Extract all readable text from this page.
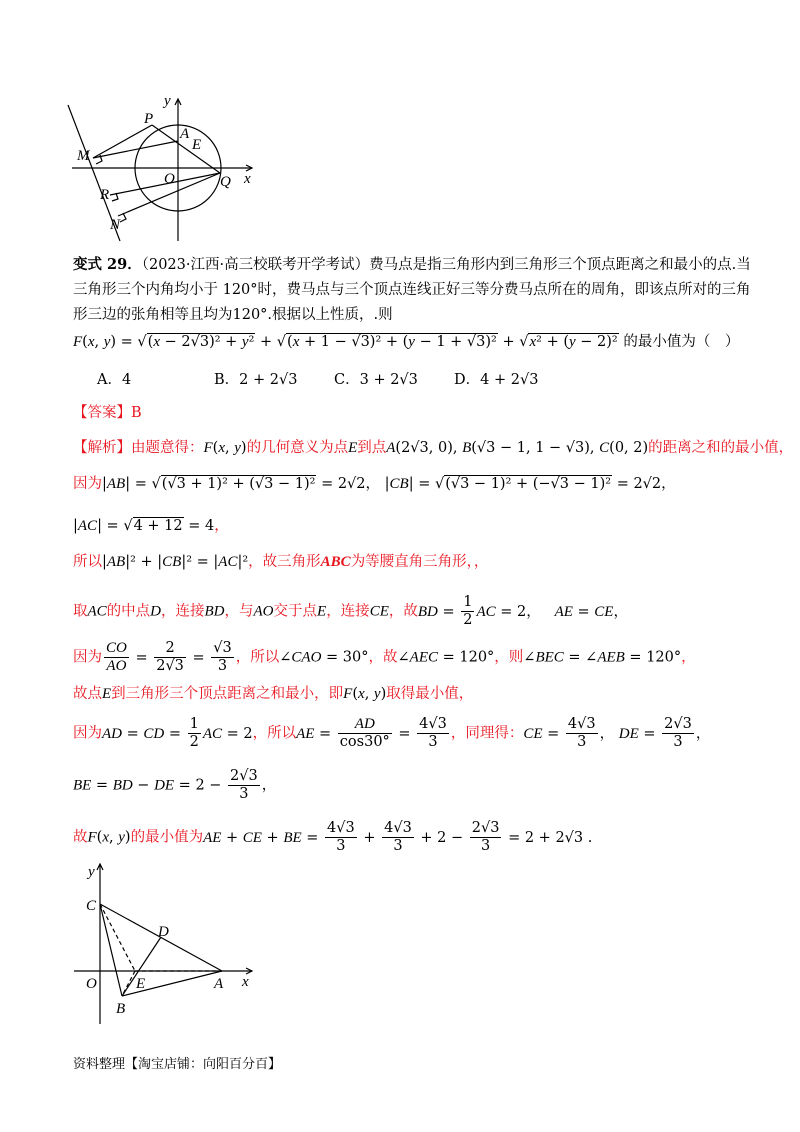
y
x
P
A
E
M
O	Q
R
N
变式 29．（2023·江西·高三校联考开学考试）费马点是指三角形内到三角形三个顶点距离之和最小的点.当
三角形三个内角均小于 120°时，费马点与三个顶点连线正好三等分费马点所在的周角，即该点所对的三角
形三边的张角相等且均为120°.根据以上性质，.则
F(x, y) = √(x − 2√3)² + y² + √(x + 1 − √3)² + (y − 1 + √3)² + √x² + (y − 2)² 的最小值为（　）
A．4	B．2 + 2√3	C．3 + 2√3 D．4 + 2√3
【答案】B
【解析】由题意得：F(x, y)的几何意义为点E到点A(2√3, 0), B(√3 − 1, 1 − √3), C(0, 2)的距离之和的最小值，
因为|AB| = √(√3 + 1)² + (√3 − 1)² = 2√2， |CB| = √(√3 − 1)² + (−√3 − 1)² = 2√2，
|AC| = √4 + 12 = 4，
所以|AB|² + |CB|² = |AC|²，故三角形ABC为等腰直角三角形，，
取AC的中点D，连接BD，与AO交于点E，连接CE，故BD = $\frac{1}{2}$ AC = 2，   AE = CE，
因为 $\frac{CO}{AO} = \frac{2}{2√3} = \frac{√3}{3}$ ，所以∠CAO = 30°，故∠AEC = 120°，则∠BEC = ∠AEB = 120°，
故点E到三角形三个顶点距离之和最小，即F(x, y)取得最小值，
因为AD = CD = $\frac{1}{2}$ AC = 2，所以AE = $\frac{AD}{\cos 30^\circ} = \frac{4√3}{3}$ ，同理得：CE = $\frac{4√3}{3}$ ， DE = $\frac{2√3}{3}$ ，
BE = BD − DE = $2 - \frac{2√3}{3}$ ，
故F(x, y)的最小值为AE + CE + BE = $\frac{4√3}{3} + \frac{4√3}{3} + 2 - \frac{2√3}{3} = 2 + 2√3$ .
y
C
D
O	E	A x
B
资料整理【淘宝店铺：向阳百分百】
